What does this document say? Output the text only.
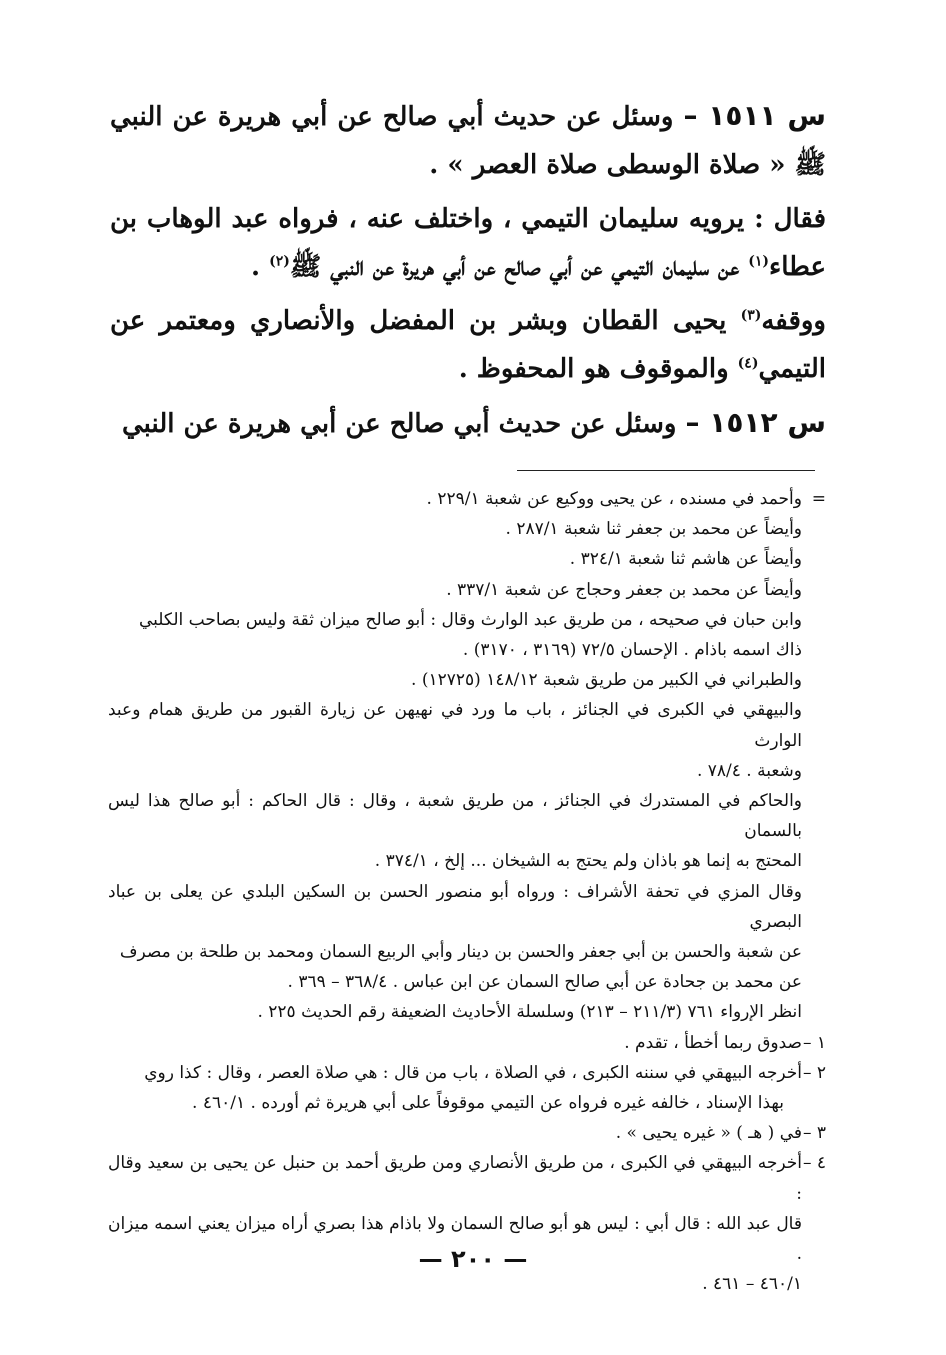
س ١٥١١ – وسئل عن حديث أبي صالح عن أبي هريرة عن النبي ﷺ « صلاة الوسطى صلاة العصر » .

فقال : يرويه سليمان التيمي ، واختلف عنه ، فرواه عبد الوهاب بن عطاء$^{(١)}$ عن سليمان التيمي عن أبي صالح عن أبي هريرة عن النبي ﷺ$^{(٢)}$ .

ووقفه$^{(٣)}$ يحيى القطان وبشر بن المفضل والأنصاري ومعتمر عن التيمي$^{(٤)}$ والموقوف هو المحفوظ .

س ١٥١٢ – وسئل عن حديث أبي صالح عن أبي هريرة عن النبي

=
وأحمد في مسنده ، عن يحيى ووكيع عن شعبة ٢٢٩/١ .
وأيضاً عن محمد بن جعفر ثنا شعبة ٢٨٧/١ .
وأيضاً عن هاشم ثنا شعبة ٣٢٤/١ .
وأيضاً عن محمد بن جعفر وحجاج عن شعبة ٣٣٧/١ .
وابن حبان في صحيحه ، من طريق عبد الوارث وقال : أبو صالح ميزان ثقة وليس بصاحب الكلبي
ذاك اسمه باذام . الإحسان ٧٢/٥ (٣١٦٩ ، ٣١٧٠) .
والطبراني في الكبير من طريق شعبة ١٤٨/١٢ (١٢٧٢٥) .
والبيهقي في الكبرى في الجنائز ، باب ما ورد في نهيهن عن زيارة القبور من طريق همام وعبد الوارث
وشعبة . ٧٨/٤ .
والحاكم في المستدرك في الجنائز ، من طريق شعبة ، وقال : قال الحاكم : أبو صالح هذا ليس بالسمان
المحتج به إنما هو باذان ولم يحتج به الشيخان ... إلخ ، ٣٧٤/١ .
وقال المزي في تحفة الأشراف : ورواه أبو منصور الحسن بن السكين البلدي عن يعلى بن عباد البصري
عن شعبة والحسن بن أبي جعفر والحسن بن دينار وأبي الربيع السمان ومحمد بن طلحة بن مصرف
عن محمد بن جحادة عن أبي صالح السمان عن ابن عباس . ٣٦٨/٤ – ٣٦٩ .
انظر الإرواء ٧٦١ (٢١١/٣ – ٢١٣) وسلسلة الأحاديث الضعيفة رقم الحديث ٢٢٥ .
١ –
صدوق ربما أخطأ ، تقدم .
٢ –
أخرجه البيهقي في سننه الكبرى ، في الصلاة ، باب من قال : هي صلاة العصر ، وقال : كذا روي
بهذا الإسناد ، خالفه غيره فرواه عن التيمي موقوفاً على أبي هريرة ثم أورده . ٤٦٠/١ .
٣ –
في ( هـ ) « غيره يحيى » .
٤ –
أخرجه البيهقي في الكبرى ، من طريق الأنصاري ومن طريق أحمد بن حنبل عن يحيى بن سعيد وقال :
قال عبد الله : قال أبي : ليس هو أبو صالح السمان ولا باذام هذا بصري أراه ميزان يعني اسمه ميزان .
٤٦٠/١ – ٤٦١ .
— ٢٠٠ —
